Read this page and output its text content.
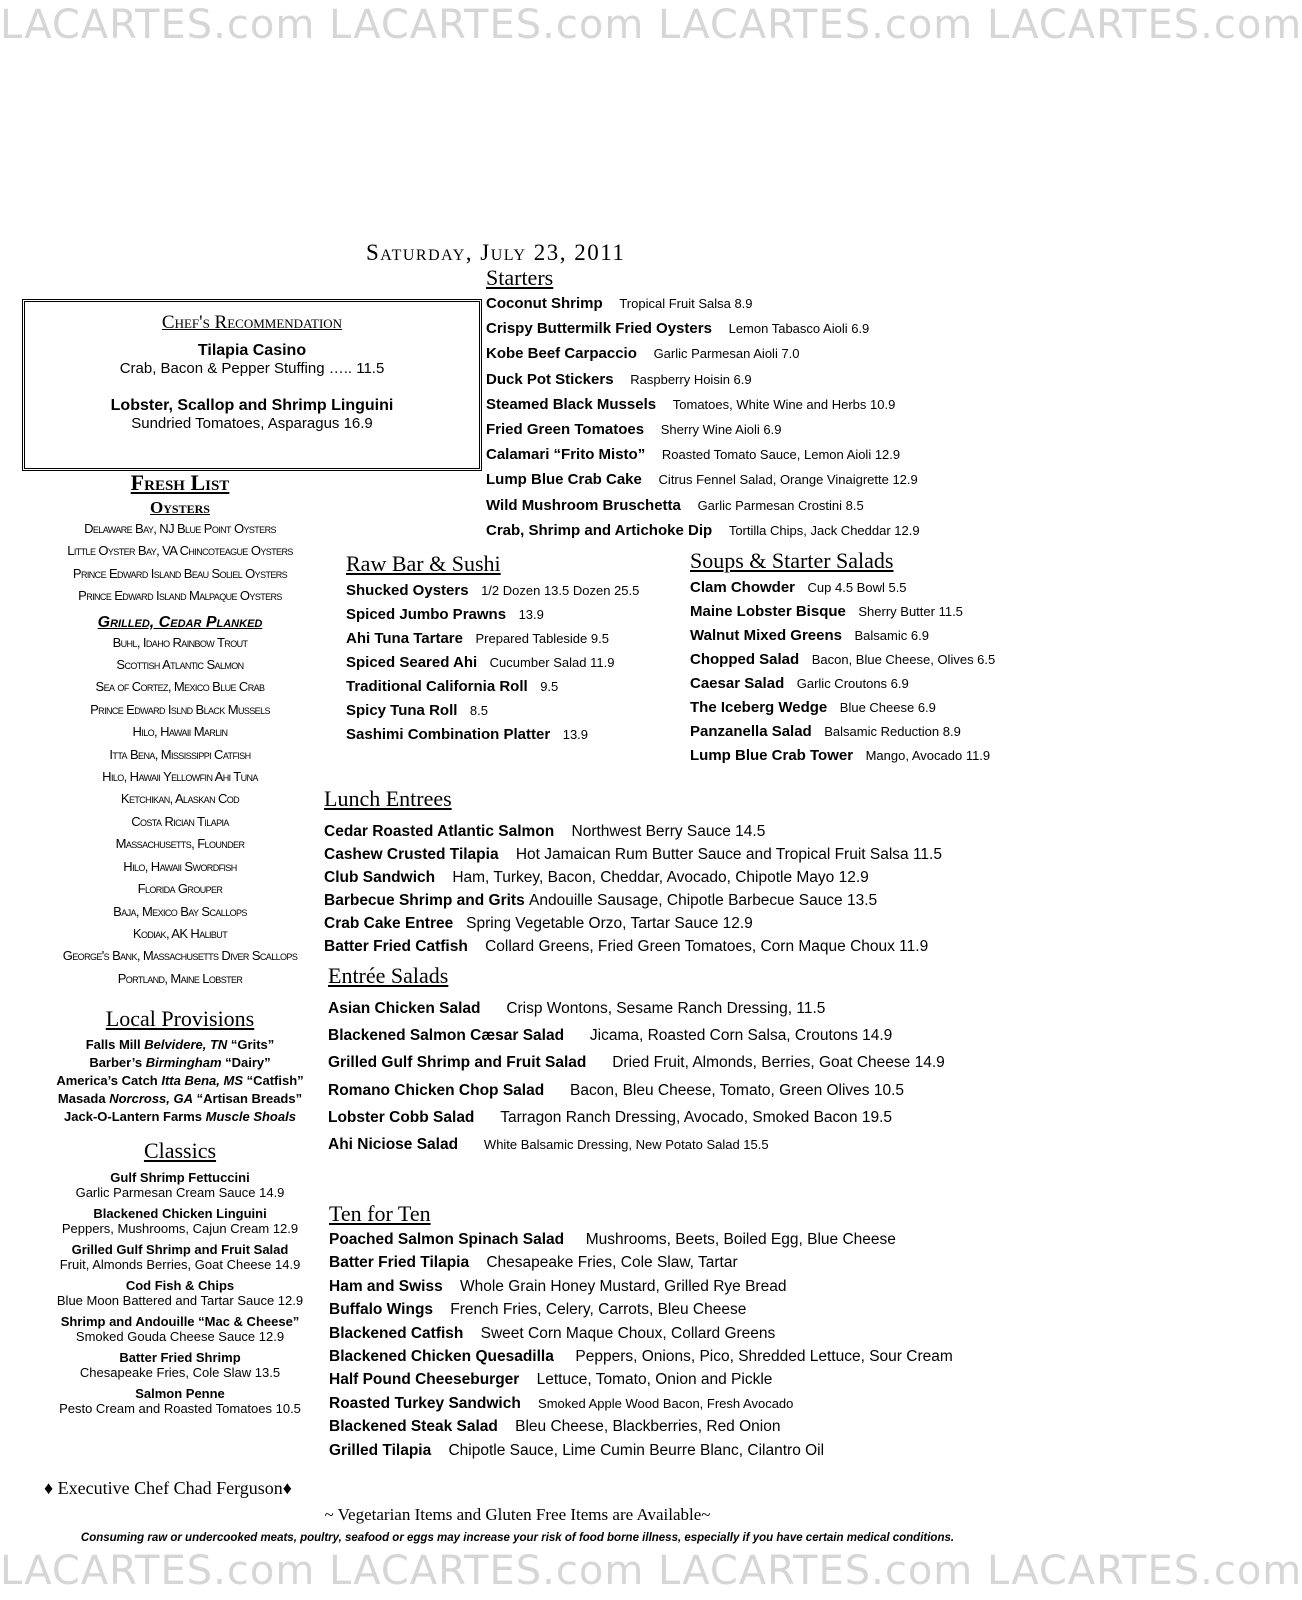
LACARTES.com LACARTES.com LACARTES.com LACARTES.com
LACARTES.com LACARTES.com LACARTES.com LACARTES.com
Saturday, July 23, 2011
Chef's Recommendation
Tilapia Casino
Crab, Bacon & Pepper Stuffing ….. 11.5
Lobster, Scallop and Shrimp Linguini
Sundried Tomatoes, Asparagus 16.9
Fresh List
Oysters
Delaware Bay, NJ Blue Point Oysters
Little Oyster Bay, VA Chincoteague Oysters
Prince Edward Island Beau Soliel Oysters
Prince Edward Island Malpaque Oysters
Grilled, Cedar Planked
Buhl, Idaho Rainbow Trout
Scottish Atlantic Salmon
Sea of Cortez, Mexico Blue Crab
Prince Edward Islnd Black Mussels
Hilo, Hawaii Marlin
Itta Bena, Mississippi Catfish
Hilo, Hawaii Yellowfin Ahi Tuna
Ketchikan, Alaskan Cod
Costa Rician Tilapia
Massachusetts, Flounder
Hilo, Hawaii Swordfish
Florida Grouper
Baja, Mexico Bay Scallops
Kodiak, AK Halibut
George's Bank, Massachusetts Diver Scallops
Portland, Maine Lobster
Local Provisions
Falls Mill Belvidere, TN “Grits”
Barber’s Birmingham “Dairy”
America’s Catch Itta Bena, MS “Catfish”
Masada Norcross, GA “Artisan Breads”
Jack-O-Lantern Farms Muscle Shoals
Classics
Gulf Shrimp Fettuccini
Garlic Parmesan Cream Sauce 14.9
Blackened Chicken Linguini
Peppers, Mushrooms, Cajun Cream 12.9
Grilled Gulf Shrimp and Fruit Salad
Fruit, Almonds Berries, Goat Cheese 14.9
Cod Fish & Chips
Blue Moon Battered and Tartar Sauce 12.9
Shrimp and Andouille “Mac & Cheese”
Smoked Gouda Cheese Sauce 12.9
Batter Fried Shrimp
Chesapeake Fries, Cole Slaw 13.5
Salmon Penne
Pesto Cream and Roasted Tomatoes 10.5
Starters
Coconut Shrimp Tropical Fruit Salsa 8.9
Crispy Buttermilk Fried Oysters Lemon Tabasco Aioli 6.9
Kobe Beef Carpaccio Garlic Parmesan Aioli 7.0
Duck Pot Stickers Raspberry Hoisin 6.9
Steamed Black Mussels Tomatoes, White Wine and Herbs 10.9
Fried Green Tomatoes Sherry Wine Aioli 6.9
Calamari “Frito Misto” Roasted Tomato Sauce, Lemon Aioli 12.9
Lump Blue Crab Cake Citrus Fennel Salad, Orange Vinaigrette 12.9
Wild Mushroom Bruschetta Garlic Parmesan Crostini 8.5
Crab, Shrimp and Artichoke Dip Tortilla Chips, Jack Cheddar 12.9
Raw Bar & Sushi
Shucked Oysters 1/2 Dozen 13.5 Dozen 25.5
Spiced Jumbo Prawns 13.9
Ahi Tuna Tartare Prepared Tableside 9.5
Spiced Seared Ahi Cucumber Salad 11.9
Traditional California Roll 9.5
Spicy Tuna Roll 8.5
Sashimi Combination Platter 13.9
Soups & Starter Salads
Clam Chowder Cup 4.5 Bowl 5.5
Maine Lobster Bisque Sherry Butter 11.5
Walnut Mixed Greens Balsamic 6.9
Chopped Salad Bacon, Blue Cheese, Olives 6.5
Caesar Salad Garlic Croutons 6.9
The Iceberg Wedge Blue Cheese 6.9
Panzanella Salad Balsamic Reduction 8.9
Lump Blue Crab Tower Mango, Avocado 11.9
Lunch Entrees
Cedar Roasted Atlantic Salmon Northwest Berry Sauce 14.5
Cashew Crusted Tilapia Hot Jamaican Rum Butter Sauce and Tropical Fruit Salsa 11.5
Club Sandwich Ham, Turkey, Bacon, Cheddar, Avocado, Chipotle Mayo 12.9
Barbecue Shrimp and Grits Andouille Sausage, Chipotle Barbecue Sauce 13.5
Crab Cake Entree Spring Vegetable Orzo, Tartar Sauce 12.9
Batter Fried Catfish Collard Greens, Fried Green Tomatoes, Corn Maque Choux 11.9
Entrée Salads
Asian Chicken Salad Crisp Wontons, Sesame Ranch Dressing, 11.5
Blackened Salmon Cæsar Salad Jicama, Roasted Corn Salsa, Croutons 14.9
Grilled Gulf Shrimp and Fruit Salad Dried Fruit, Almonds, Berries, Goat Cheese 14.9
Romano Chicken Chop Salad Bacon, Bleu Cheese, Tomato, Green Olives 10.5
Lobster Cobb Salad Tarragon Ranch Dressing, Avocado, Smoked Bacon 19.5
Ahi Niciose Salad White Balsamic Dressing, New Potato Salad 15.5
Ten for Ten
Poached Salmon Spinach Salad Mushrooms, Beets, Boiled Egg, Blue Cheese
Batter Fried Tilapia Chesapeake Fries, Cole Slaw, Tartar
Ham and Swiss Whole Grain Honey Mustard, Grilled Rye Bread
Buffalo Wings French Fries, Celery, Carrots, Bleu Cheese
Blackened Catfish Sweet Corn Maque Choux, Collard Greens
Blackened Chicken Quesadilla Peppers, Onions, Pico, Shredded Lettuce, Sour Cream
Half Pound Cheeseburger Lettuce, Tomato, Onion and Pickle
Roasted Turkey Sandwich Smoked Apple Wood Bacon, Fresh Avocado
Blackened Steak Salad Bleu Cheese, Blackberries, Red Onion
Grilled Tilapia Chipotle Sauce, Lime Cumin Beurre Blanc, Cilantro Oil
♦ Executive Chef Chad Ferguson♦
~ Vegetarian Items and Gluten Free Items are Available~
Consuming raw or undercooked meats, poultry, seafood or eggs may increase your risk of food borne illness, especially if you have certain medical conditions.
